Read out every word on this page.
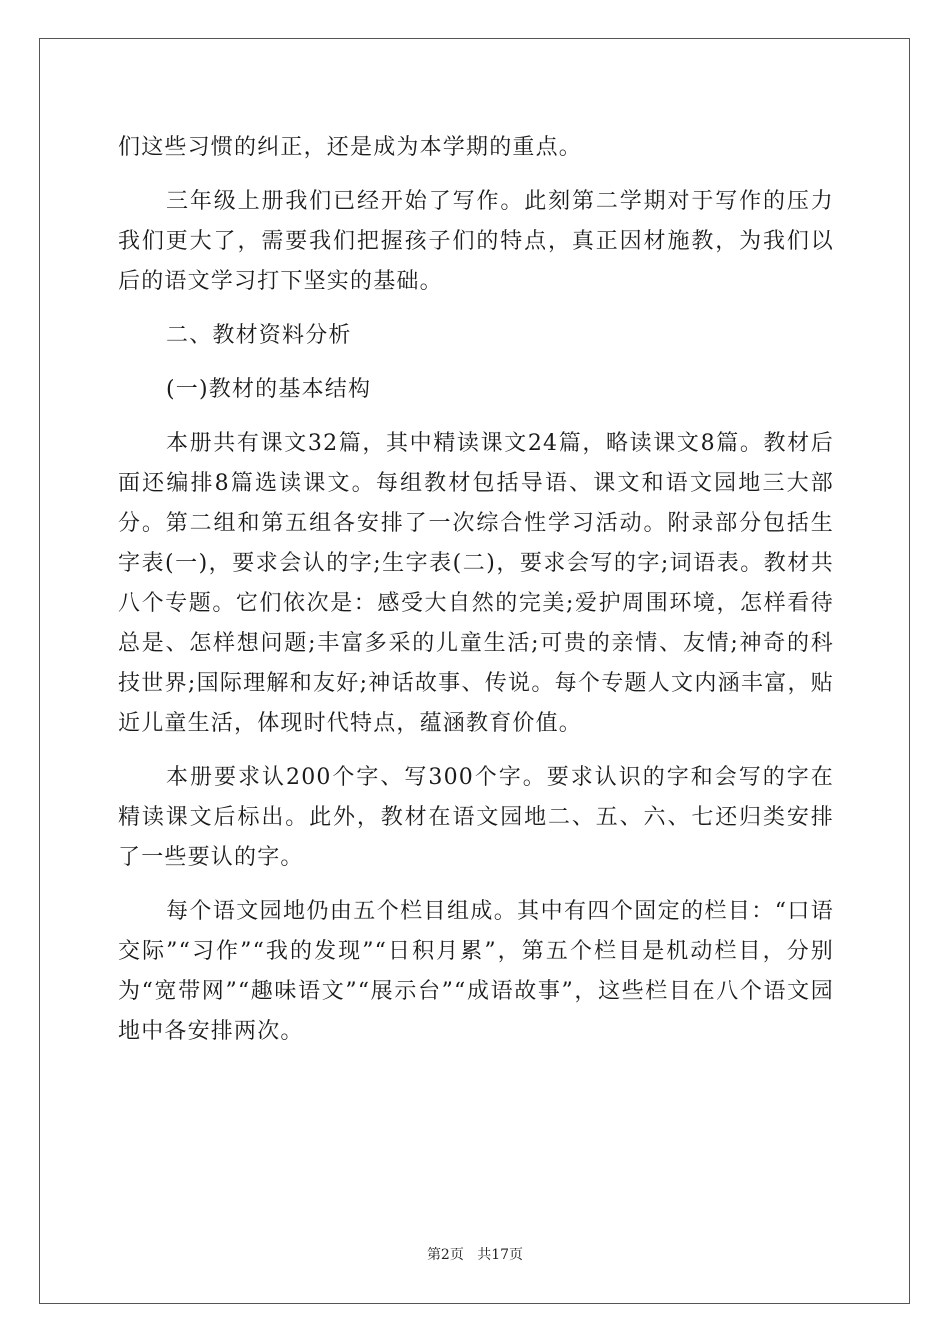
们这些习惯的纠正，还是成为本学期的重点。

三年级上册我们已经开始了写作。此刻第二学期对于写作的压力我们更大了，需要我们把握孩子们的特点，真正因材施教，为我们以后的语文学习打下坚实的基础。

二、教材资料分析

(一)教材的基本结构

本册共有课文32篇，其中精读课文24篇，略读课文8篇。教材后面还编排8篇选读课文。每组教材包括导语、课文和语文园地三大部分。第二组和第五组各安排了一次综合性学习活动。附录部分包括生字表(一)，要求会认的字;生字表(二)，要求会写的字;词语表。教材共八个专题。它们依次是：感受大自然的完美;爱护周围环境，怎样看待总是、怎样想问题;丰富多采的儿童生活;可贵的亲情、友情;神奇的科技世界;国际理解和友好;神话故事、传说。每个专题人文内涵丰富，贴近儿童生活，体现时代特点，蕴涵教育价值。

本册要求认200个字、写300个字。要求认识的字和会写的字在精读课文后标出。此外，教材在语文园地二、五、六、七还归类安排了一些要认的字。

每个语文园地仍由五个栏目组成。其中有四个固定的栏目：“口语交际”“习作”“我的发现”“日积月累”，第五个栏目是机动栏目，分别为“宽带网”“趣味语文”“展示台”“成语故事”，这些栏目在八个语文园地中各安排两次。

第2页 共17页
